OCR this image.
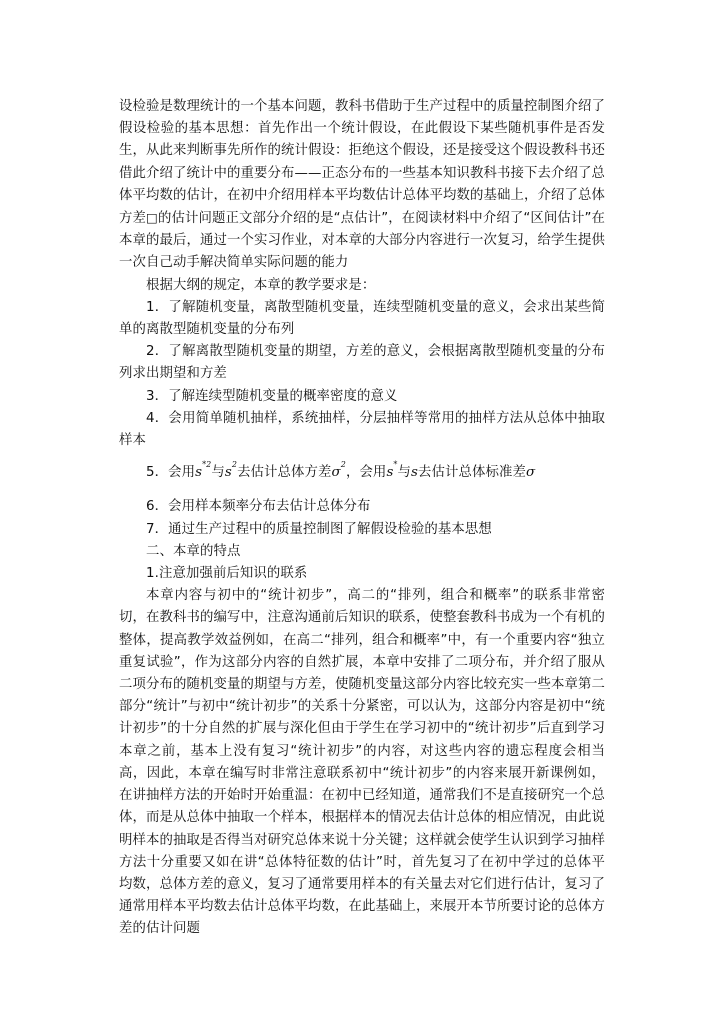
设检验是数理统计的一个基本问题，教科书借助于生产过程中的质量控制图介绍了假设检验的基本思想：首先作出一个统计假设，在此假设下某些随机事件是否发生，从此来判断事先所作的统计假设：拒绝这个假设，还是接受这个假设教科书还借此介绍了统计中的重要分布——正态分布的一些基本知识教科书接下去介绍了总体平均数的估计，在初中介绍用样本平均数估计总体平均数的基础上，介绍了总体方差□的估计问题正文部分介绍的是“点估计”，在阅读材料中介绍了“区间估计”在本章的最后，通过一个实习作业，对本章的大部分内容进行一次复习，给学生提供一次自己动手解决简单实际问题的能力

根据大纲的规定，本章的教学要求是：

1．了解随机变量，离散型随机变量，连续型随机变量的意义，会求出某些简单的离散型随机变量的分布列

2．了解离散型随机变量的期望，方差的意义，会根据离散型随机变量的分布列求出期望和方差

3．了解连续型随机变量的概率密度的意义

4．会用简单随机抽样，系统抽样，分层抽样等常用的抽样方法从总体中抽取样本

5．会用$s^{*2}$与$s^2$去估计总体方差$\sigma^2$，会用s*与s去估计总体标准差σ

6．会用样本频率分布去估计总体分布

7．通过生产过程中的质量控制图了解假设检验的基本思想

二、本章的特点

1.注意加强前后知识的联系

本章内容与初中的“统计初步”，高二的“排列，组合和概率”的联系非常密切，在教科书的编写中，注意沟通前后知识的联系，使整套教科书成为一个有机的整体，提高教学效益例如，在高二“排列，组合和概率”中，有一个重要内容“独立重复试验”，作为这部分内容的自然扩展，本章中安排了二项分布，并介绍了服从二项分布的随机变量的期望与方差，使随机变量这部分内容比较充实一些本章第二部分“统计”与初中“统计初步”的关系十分紧密，可以认为，这部分内容是初中“统计初步”的十分自然的扩展与深化但由于学生在学习初中的“统计初步”后直到学习本章之前，基本上没有复习“统计初步”的内容，对这些内容的遗忘程度会相当高，因此，本章在编写时非常注意联系初中“统计初步”的内容来展开新课例如，在讲抽样方法的开始时开始重温：在初中已经知道，通常我们不是直接研究一个总体，而是从总体中抽取一个样本，根据样本的情况去估计总体的相应情况，由此说明样本的抽取是否得当对研究总体来说十分关键；这样就会使学生认识到学习抽样方法十分重要又如在讲“总体特征数的估计”时，首先复习了在初中学过的总体平均数，总体方差的意义，复习了通常要用样本的有关量去对它们进行估计，复习了通常用样本平均数去估计总体平均数，在此基础上，来展开本节所要讨论的总体方差的估计问题
